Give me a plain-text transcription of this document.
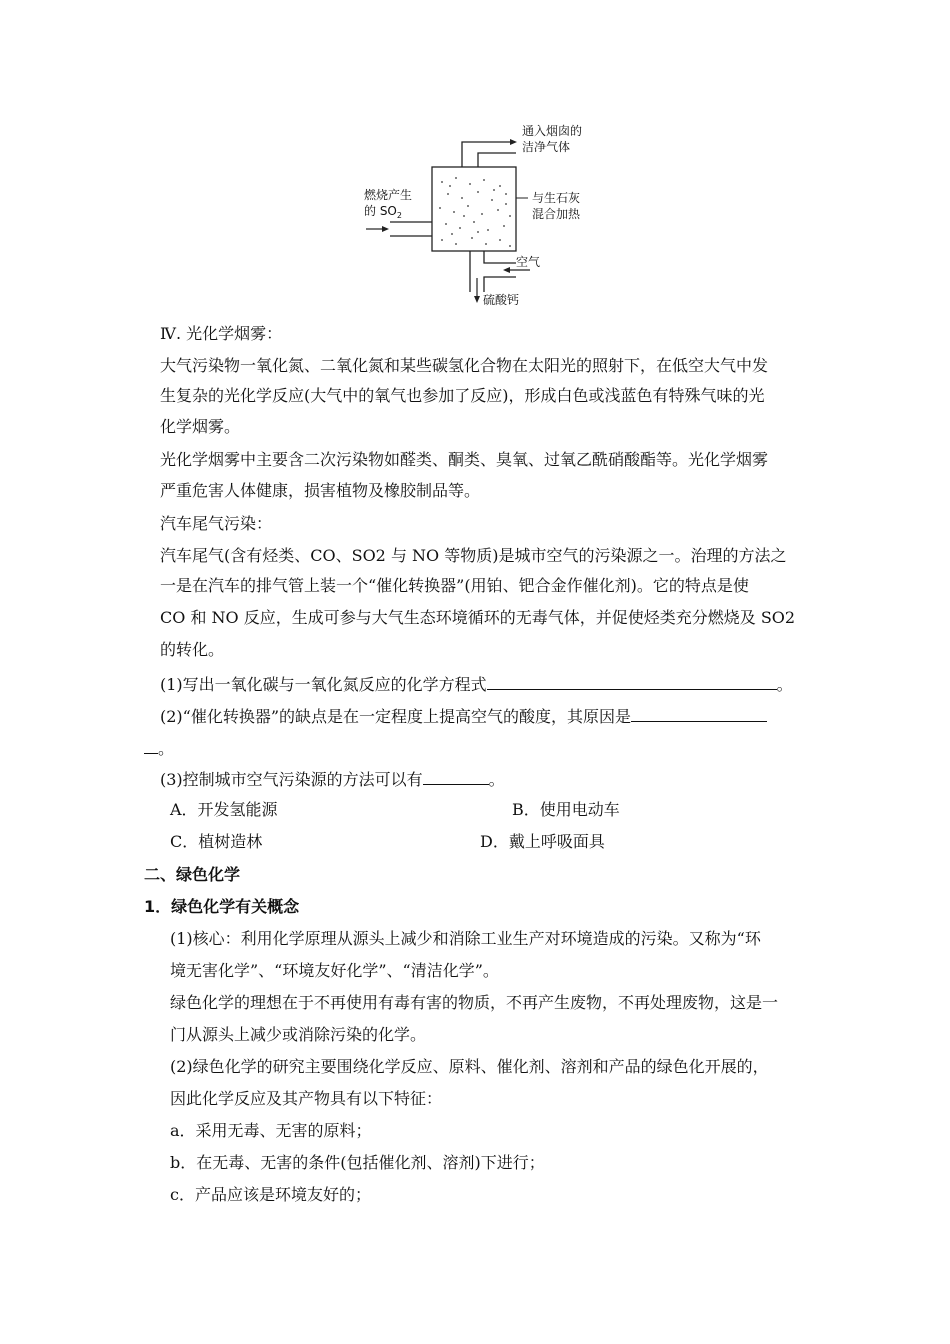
通入烟囱的
洁净气体
燃烧产生
的 $SO_2$
与生石灰
混合加热
空气
硫酸钙
Ⅳ. 光化学烟雾：
大气污染物一氧化氮、二氧化氮和某些碳氢化合物在太阳光的照射下，在低空大气中发
生复杂的光化学反应(大气中的氧气也参加了反应)，形成白色或浅蓝色有特殊气味的光
化学烟雾。
光化学烟雾中主要含二次污染物如醛类、酮类、臭氧、过氧乙酰硝酸酯等。光化学烟雾
严重危害人体健康，损害植物及橡胶制品等。
汽车尾气污染：
汽车尾气(含有烃类、CO、SO2 与 NO 等物质)是城市空气的污染源之一。治理的方法之
一是在汽车的排气管上装一个“催化转换器”(用铂、钯合金作催化剂)。它的特点是使
CO 和 NO 反应，生成可参与大气生态环境循环的无毒气体，并促使烃类充分燃烧及 SO2
的转化。
(1)写出一氧化碳与一氧化氮反应的化学方程式	。
(2)“催化转换器”的缺点是在一定程度上提高空气的酸度，其原因是
。
(3)控制城市空气污染源的方法可以有	。
A．开发氢能源	B．使用电动车
C．植树造林	D．戴上呼吸面具
二、绿色化学
1．绿色化学有关概念
(1)核心：利用化学原理从源头上减少和消除工业生产对环境造成的污染。又称为“环
境无害化学”、“环境友好化学”、“清洁化学”。
绿色化学的理想在于不再使用有毒有害的物质，不再产生废物，不再处理废物，这是一
门从源头上减少或消除污染的化学。
(2)绿色化学的研究主要围绕化学反应、原料、催化剂、溶剂和产品的绿色化开展的，
因此化学反应及其产物具有以下特征：
a．采用无毒、无害的原料；
b．在无毒、无害的条件(包括催化剂、溶剂)下进行；
c．产品应该是环境友好的；
